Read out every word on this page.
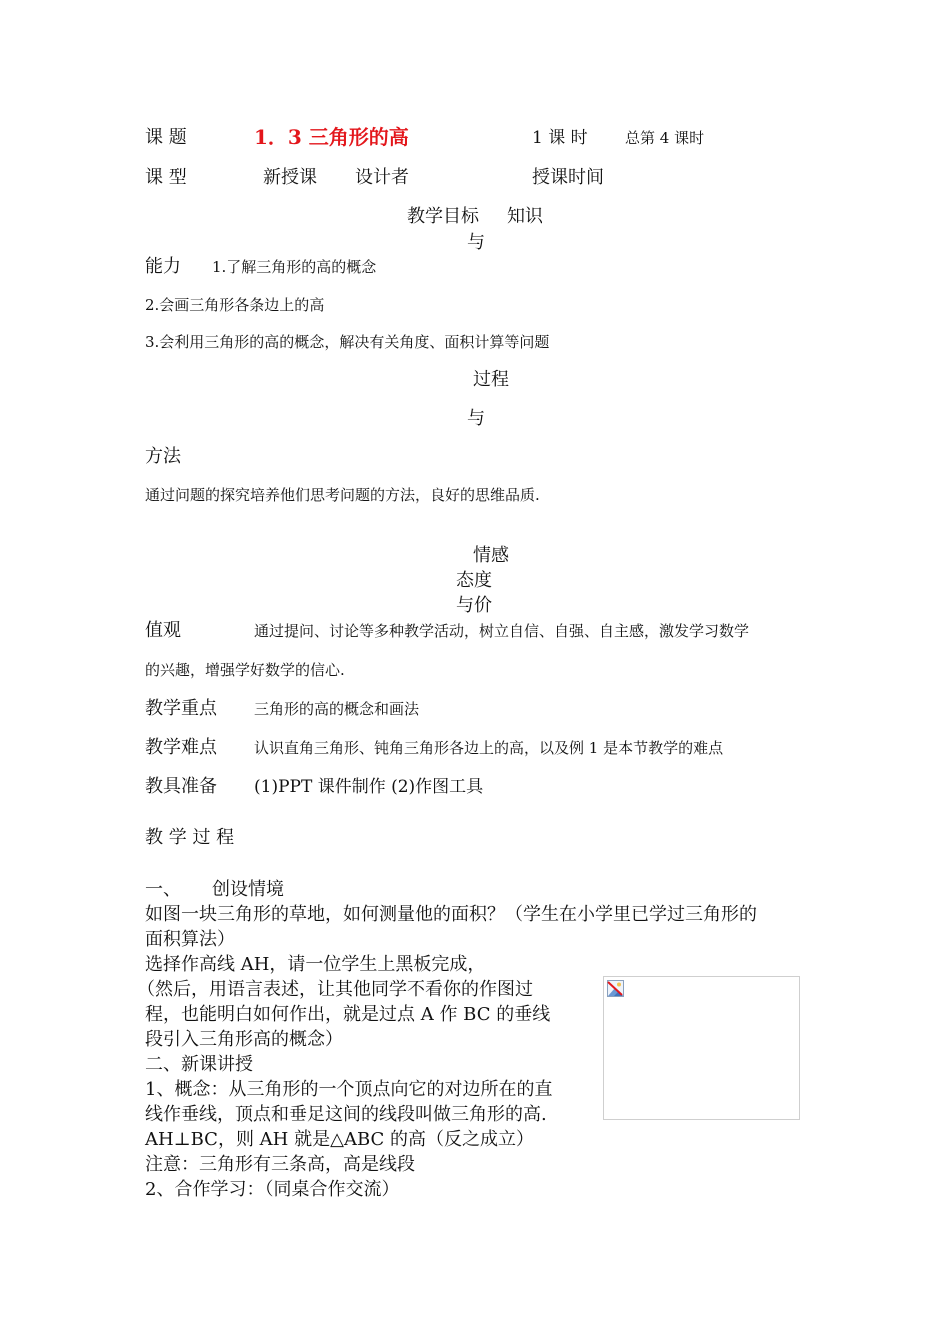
课 题	1．3 三角形的高	1 课 时 总第 4 课时
课 型	新授课 设计者	授课时间
教学目标 知识
与
能力 1.了解三角形的高的概念
2.会画三角形各条边上的高
3.会利用三角形的高的概念，解决有关角度、面积计算等问题
过程
与
方法
通过问题的探究培养他们思考问题的方法，良好的思维品质.
情感
态度
与价
值观	通过提问、讨论等多种教学活动，树立自信、自强、自主感，激发学习数学
的兴趣，增强学好数学的信心.
教学重点 三角形的高的概念和画法
教学难点 认识直角三角形、钝角三角形各边上的高，以及例 1 是本节教学的难点
教具准备 (1)PPT 课件制作 (2)作图工具
教 学 过 程
一、 创设情境
如图一块三角形的草地，如何测量他的面积？（学生在小学里已学过三角形的
面积算法）
选择作高线 AH，请一位学生上黑板完成，
（然后，用语言表述，让其他同学不看你的作图过
程，也能明白如何作出，就是过点 A 作 BC 的垂线
段引入三角形高的概念）
二、新课讲授
1、概念：从三角形的一个顶点向它的对边所在的直
线作垂线，顶点和垂足这间的线段叫做三角形的高.
AH⊥BC，则 AH 就是△ABC 的高（反之成立）
注意：三角形有三条高，高是线段
2、合作学习：（同桌合作交流）
